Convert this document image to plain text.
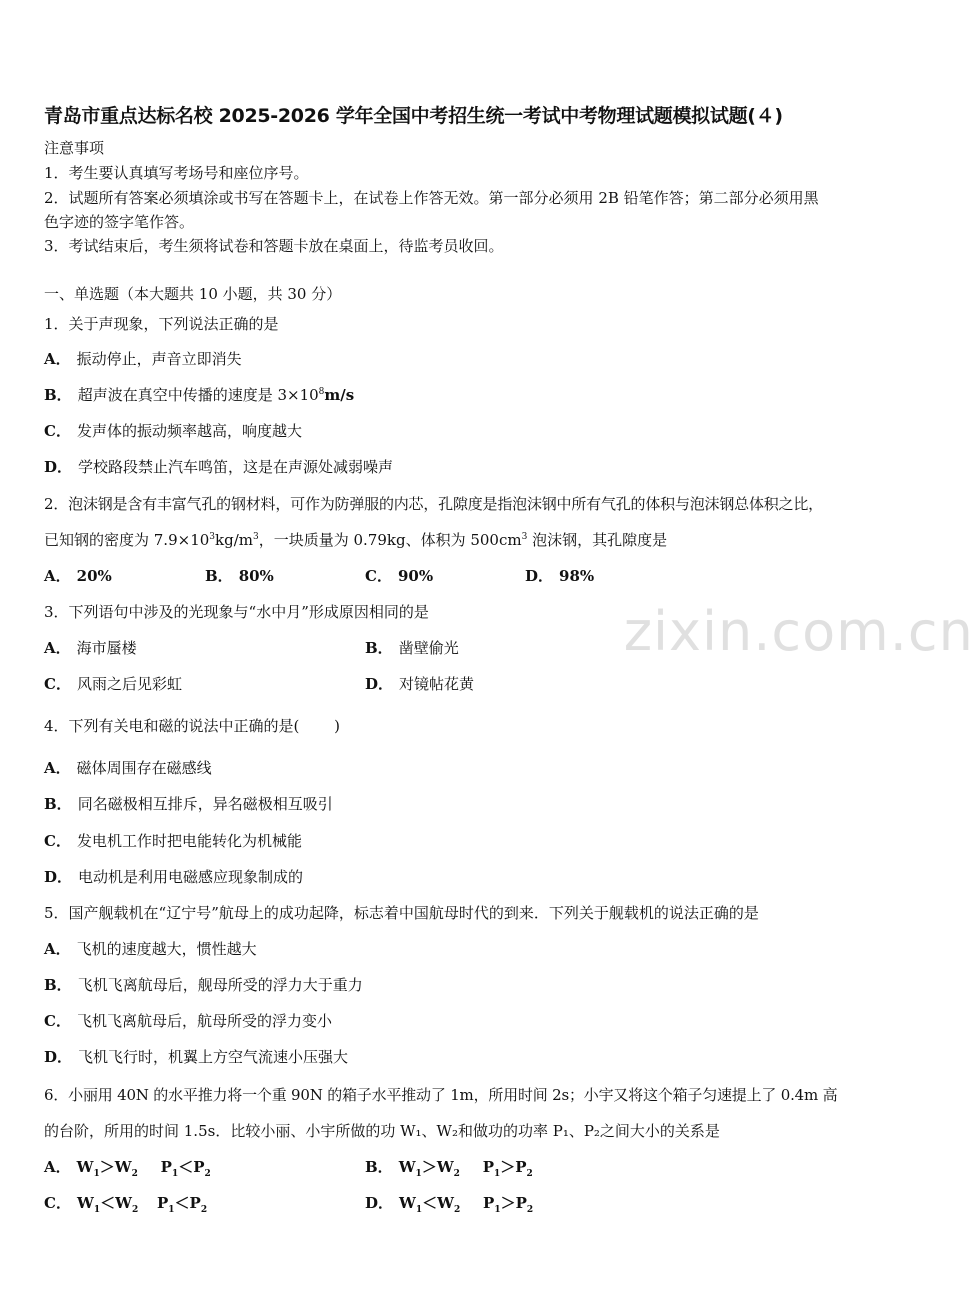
zixin.com.cn
青岛市重点达标名校 2025-2026 学年全国中考招生统一考试中考物理试题模拟试题(４)
注意事项
1．考生要认真填写考场号和座位序号。
2．试题所有答案必须填涂或书写在答题卡上，在试卷上作答无效。第一部分必须用 2B 铅笔作答；第二部分必须用黑
色字迹的签字笔作答。
3．考试结束后，考生须将试卷和答题卡放在桌面上，待监考员收回。
一、单选题（本大题共 10 小题，共 30 分）
1．关于声现象，下列说法正确的是
A． 振动停止，声音立即消失
B． 超声波在真空中传播的速度是 $3\times 10^8m/s$
C． 发声体的振动频率越高，响度越大
D． 学校路段禁止汽车鸣笛，这是在声源处减弱噪声
2．泡沫钢是含有丰富气孔的钢材料，可作为防弹服的内芯，孔隙度是指泡沫钢中所有气孔的体积与泡沫钢总体积之比，
已知钢的密度为 $7.9\times 10^3kg/m^3$，一块质量为 0.79kg、体积为 $500cm^3$ 泡沫钢，其孔隙度是
A． 20%	B． 80%	C． 90%	D． 98%
3．下列语句中涉及的光现象与“水中月”形成原因相同的是
A． 海市蜃楼	B． 凿壁偷光
C． 风雨之后见彩虹	D． 对镜帖花黄
4．下列有关电和磁的说法中正确的是(　　 )
A． 磁体周围存在磁感线
B． 同名磁极相互排斥，异名磁极相互吸引
C． 发电机工作时把电能转化为机械能
D． 电动机是利用电磁感应现象制成的
5．国产舰载机在“辽宁号”航母上的成功起降，标志着中国航母时代的到来．下列关于舰载机的说法正确的是
A． 飞机的速度越大，惯性越大
B． 飞机飞离航母后，舰母所受的浮力大于重力
C． 飞机飞离航母后，航母所受的浮力变小
D． 飞机飞行时，机翼上方空气流速小压强大
6．小丽用 40N 的水平推力将一个重 90N 的箱子水平推动了 1m，所用时间 2s；小宇又将这个箱子匀速提上了 0.4m 高
的台阶，所用的时间 1.5s．比较小丽、小宇所做的功 W₁、W₂和做功的功率 P₁、P₂之间大小的关系是
A． $W_1>W_2$ $P_1<P_2$	B． $W_1>W_2$ $P_1>P_2$
C． $W_1<W_2$ $P_1<P_2$	D． $W_1<W_2$ $P_1>P_2$
